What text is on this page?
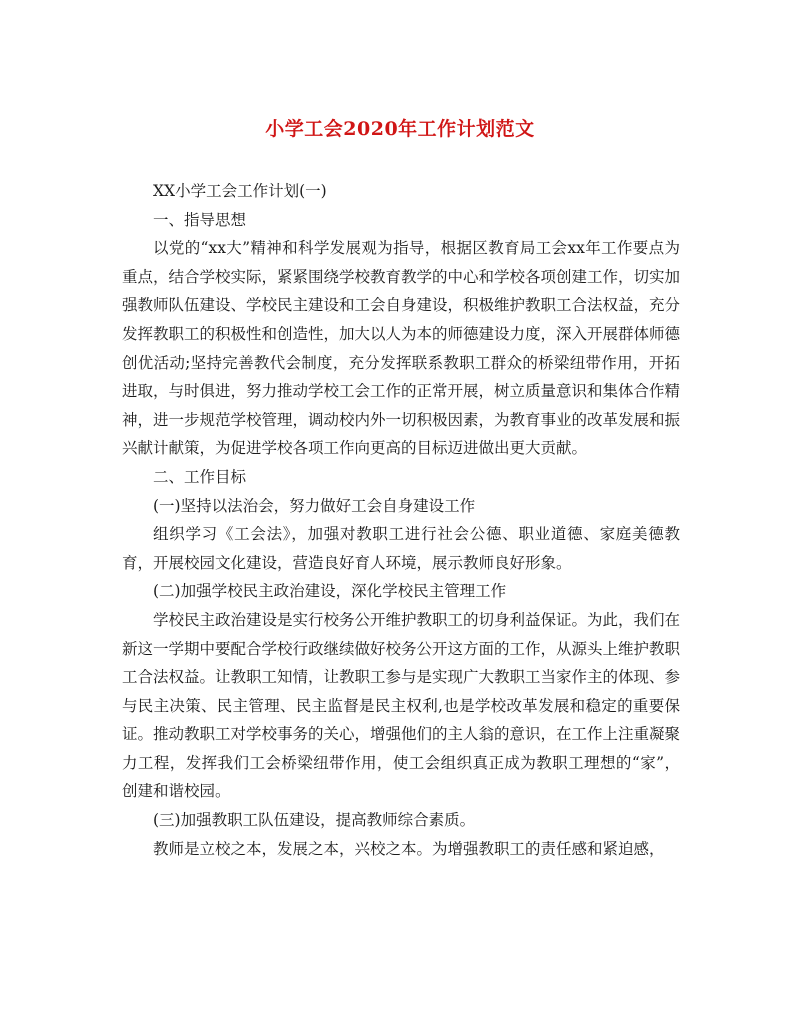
小学工会2020年工作计划范文

XX小学工会工作计划(一)

一、指导思想

以党的“xx大”精神和科学发展观为指导，根据区教育局工会xx年工作要点为重点，结合学校实际，紧紧围绕学校教育教学的中心和学校各项创建工作，切实加强教师队伍建设、学校民主建设和工会自身建设，积极维护教职工合法权益，充分发挥教职工的积极性和创造性，加大以人为本的师德建设力度，深入开展群体师德创优活动;坚持完善教代会制度，充分发挥联系教职工群众的桥梁纽带作用，开拓进取，与时俱进，努力推动学校工会工作的正常开展，树立质量意识和集体合作精神，进一步规范学校管理，调动校内外一切积极因素，为教育事业的改革发展和振兴献计献策，为促进学校各项工作向更高的目标迈进做出更大贡献。

二、工作目标

(一)坚持以法治会，努力做好工会自身建设工作

组织学习《工会法》，加强对教职工进行社会公德、职业道德、家庭美德教育，开展校园文化建设，营造良好育人环境，展示教师良好形象。

(二)加强学校民主政治建设，深化学校民主管理工作

学校民主政治建设是实行校务公开维护教职工的切身利益保证。为此，我们在新这一学期中要配合学校行政继续做好校务公开这方面的工作，从源头上维护教职工合法权益。让教职工知情，让教职工参与是实现广大教职工当家作主的体现、参与民主决策、民主管理、民主监督是民主权利,也是学校改革发展和稳定的重要保证。推动教职工对学校事务的关心，增强他们的主人翁的意识，在工作上注重凝聚力工程，发挥我们工会桥梁纽带作用，使工会组织真正成为教职工理想的“家”，创建和谐校园。

(三)加强教职工队伍建设，提高教师综合素质。

教师是立校之本，发展之本，兴校之本。为增强教职工的责任感和紧迫感，
